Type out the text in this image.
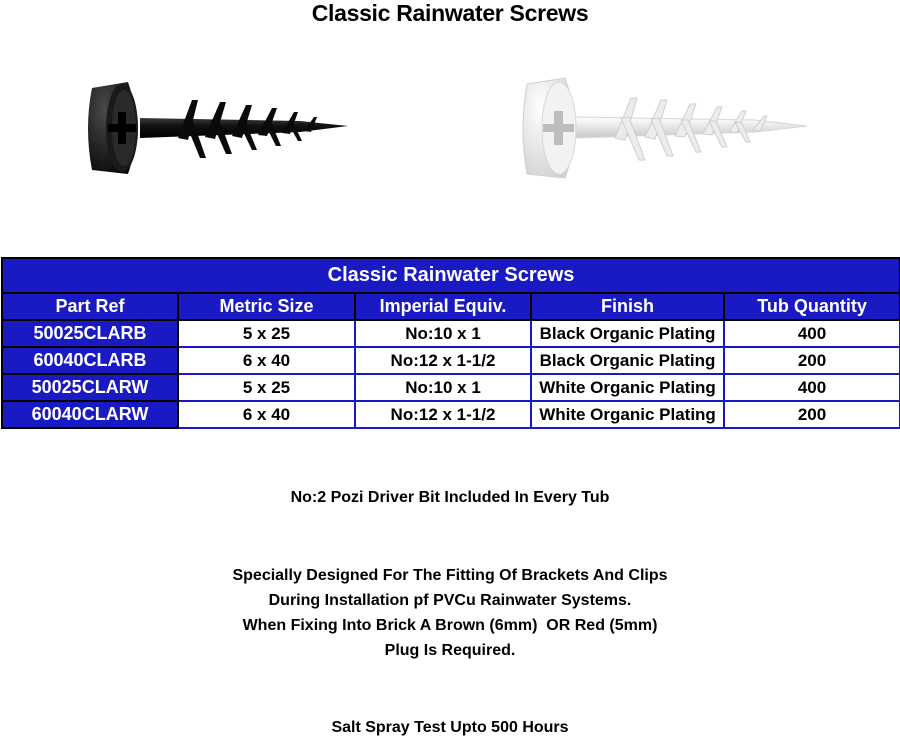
Classic Rainwater Screws
Classic Rainwater Screws				
Part Ref	Metric Size	Imperial Equiv.	Finish	Tub Quantity
50025CLARB	5 x 25	No:10 x 1	Black Organic Plating	400
60040CLARB	6 x 40	No:12 x 1-1/2	Black Organic Plating	200
50025CLARW	5 x 25	No:10 x 1	White Organic Plating	400
60040CLARW	6 x 40	No:12 x 1-1/2	White Organic Plating	200
No:2 Pozi Driver Bit Included In Every Tub
Specially Designed For The Fitting Of Brackets And Clips
During Installation pf PVCu Rainwater Systems.
When Fixing Into Brick A Brown (6mm)  OR Red (5mm)
Plug Is Required.
Salt Spray Test Upto 500 Hours
